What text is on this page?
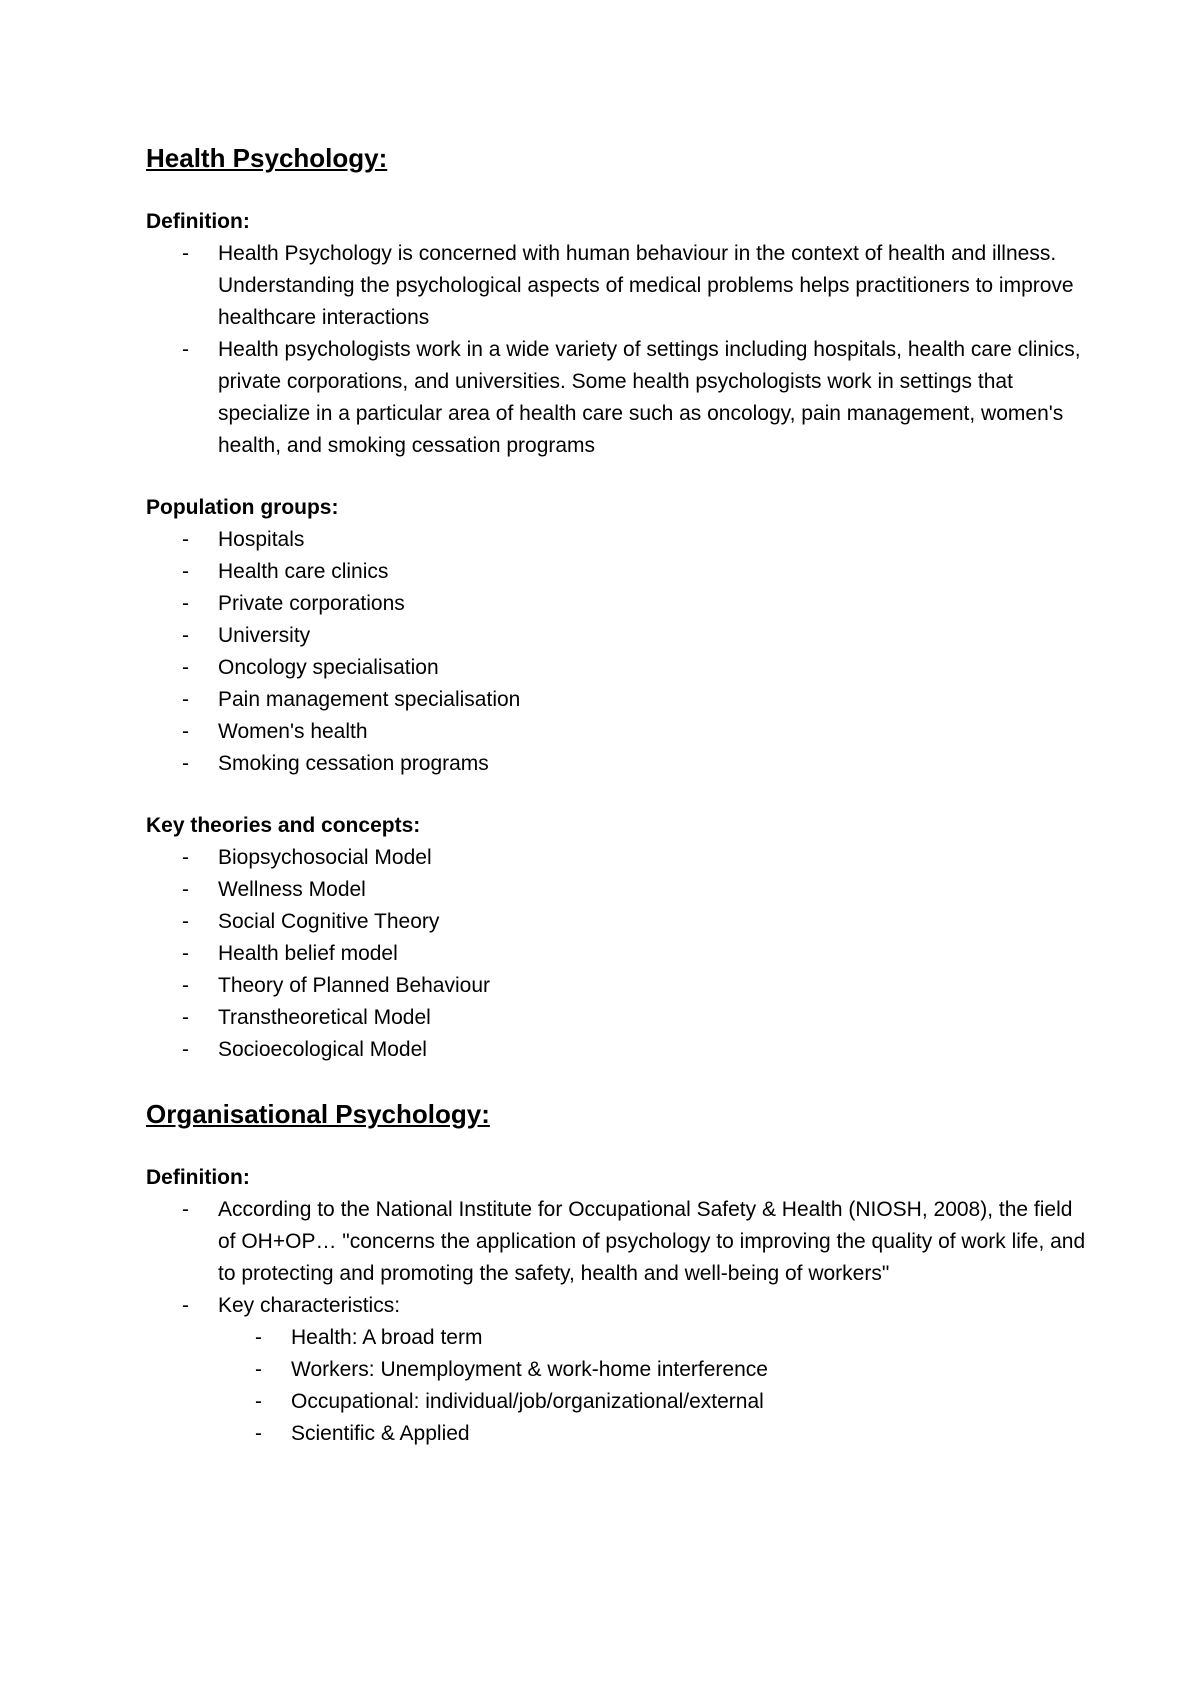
Health Psychology:
Definition:
-	Health Psychology is concerned with human behaviour in the context of health and illness. Understanding the psychological aspects of medical problems helps practitioners to improve healthcare interactions
-	Health psychologists work in a wide variety of settings including hospitals, health care clinics, private corporations, and universities. Some health psychologists work in settings that specialize in a particular area of health care such as oncology, pain management, women's health, and smoking cessation programs
Population groups:
-	Hospitals
-	Health care clinics
-	Private corporations
-	University
-	Oncology specialisation
-	Pain management specialisation
-	Women's health
-	Smoking cessation programs
Key theories and concepts:
-	Biopsychosocial Model
-	Wellness Model
-	Social Cognitive Theory
-	Health belief model
-	Theory of Planned Behaviour
-	Transtheoretical Model
-	Socioecological Model
Organisational Psychology:
Definition:
-	According to the National Institute for Occupational Safety & Health (NIOSH, 2008), the field of OH+OP… "concerns the application of psychology to improving the quality of work life, and to protecting and promoting the safety, health and well-being of workers"
-	Key characteristics:
-	Health: A broad term
-	Workers: Unemployment & work-home interference
-	Occupational: individual/job/organizational/external
-	Scientific & Applied
